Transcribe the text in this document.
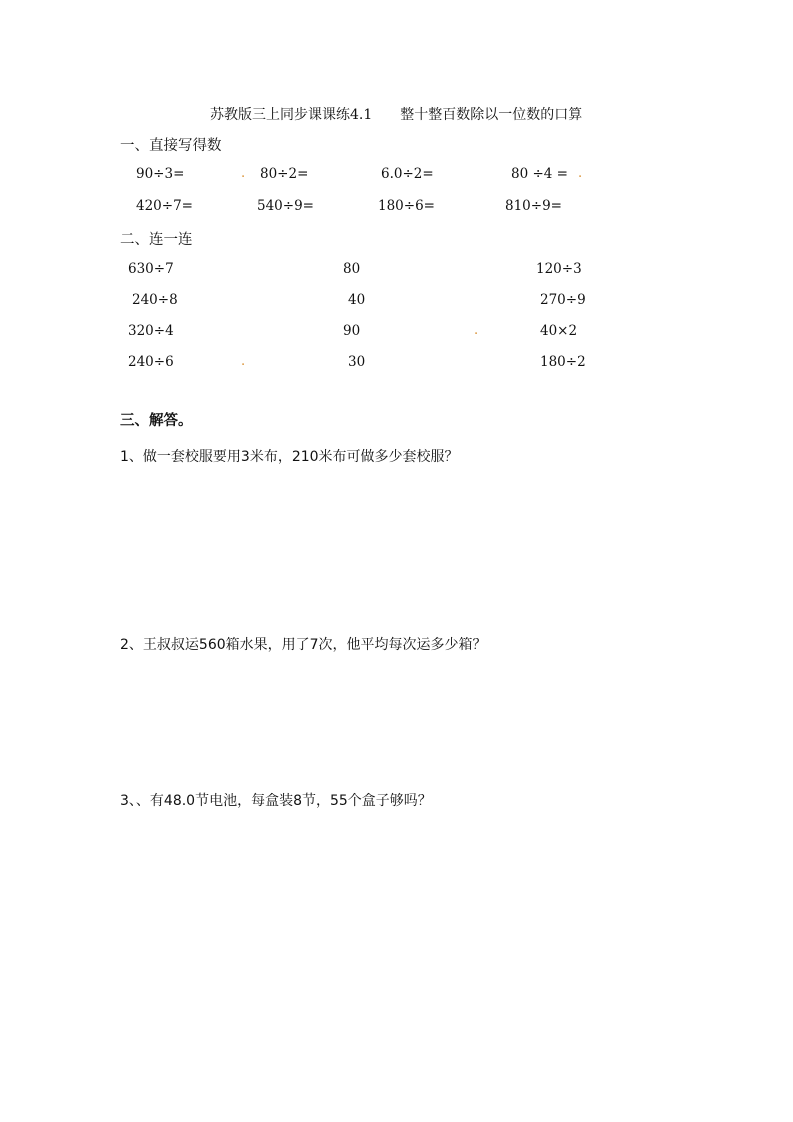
苏教版三上同步课课练4.1　　整十整百数除以一位数的口算
一、直接写得数
90÷3=	. 80÷2=	6.0÷2=	80 ÷4 = .
420÷7=	540÷9=	180÷6=	810÷9=
二、连一连
630÷7	80	120÷3
240÷8	40	270÷9
320÷4	90	.	40×2
240÷6	.	30	180÷2
三、解答。
1、做一套校服要用3米布，210米布可做多少套校服？
2、王叔叔运560箱水果，用了7次，他平均每次运多少箱？
3、、有48.0节电池，每盒装8节，55个盒子够吗？
